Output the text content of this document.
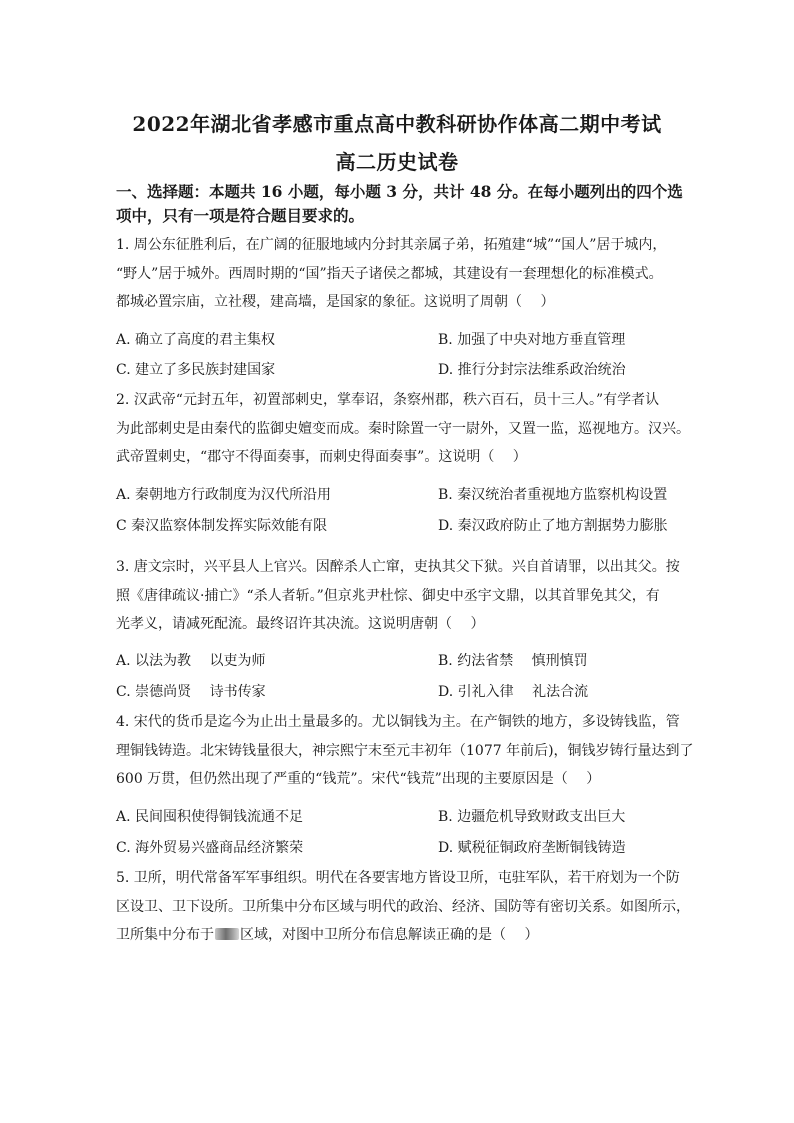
2022年湖北省孝感市重点高中教科研协作体高二期中考试
高二历史试卷
一、选择题：本题共 16 小题，每小题 3 分，共计 48 分。在每小题列出的四个选
项中，只有一项是符合题目要求的。
1. 周公东征胜利后，在广阔的征服地域内分封其亲属子弟，拓殖建“城”“国人”居于城内，
“野人”居于城外。西周时期的“国”指天子诸侯之都城，其建设有一套理想化的标准模式。
都城必置宗庙，立社稷，建高墙，是国家的象征。这说明了周朝（　 ）
A. 确立了高度的君主集权	B. 加强了中央对地方垂直管理
C. 建立了多民族封建国家	D. 推行分封宗法维系政治统治
2. 汉武帝“元封五年，初置部刺史，掌奉诏，条察州郡，秩六百石，员十三人。”有学者认
为此部刺史是由秦代的监御史嬗变而成。秦时除置一守一尉外，又置一监，巡视地方。汉兴。
武帝置刺史，“郡守不得面奏事，而刺史得面奏事”。这说明（　 ）
A. 秦朝地方行政制度为汉代所沿用	B. 秦汉统治者重视地方监察机构设置
C 秦汉监察体制发挥实际效能有限	D. 秦汉政府防止了地方割据势力膨胀
3. 唐文宗时，兴平县人上官兴。因醉杀人亡窜，吏执其父下狱。兴自首请罪，以出其父。按
照《唐律疏议·捕亡》“杀人者斩。”但京兆尹杜悰、御史中丞宇文鼎，以其首罪免其父，有
光孝义，请减死配流。最终诏许其决流。这说明唐朝（　 ）
A. 以法为教　 以吏为师	B. 约法省禁　 慎刑慎罚
C. 崇德尚贤　 诗书传家	D. 引礼入律　 礼法合流
4. 宋代的货币是迄今为止出土量最多的。尤以铜钱为主。在产铜铁的地方，多设铸钱监，管
理铜钱铸造。北宋铸钱量很大，神宗熙宁末至元丰初年（1077 年前后)，铜钱岁铸行量达到了
600 万贯，但仍然出现了严重的“钱荒”。宋代“钱荒”出现的主要原因是（　 ）
A. 民间囤积使得铜钱流通不足	B. 边疆危机导致财政支出巨大
C. 海外贸易兴盛商品经济繁荣	D. 赋税征铜政府垄断铜钱铸造
5. 卫所，明代常备军军事组织。明代在各要害地方皆设卫所，屯驻军队，若干府划为一个防
区设卫、卫下设所。卫所集中分布区域与明代的政治、经济、国防等有密切关系。如图所示，
卫所集中分布于 区域，对图中卫所分布信息解读正确的是（　 ）
